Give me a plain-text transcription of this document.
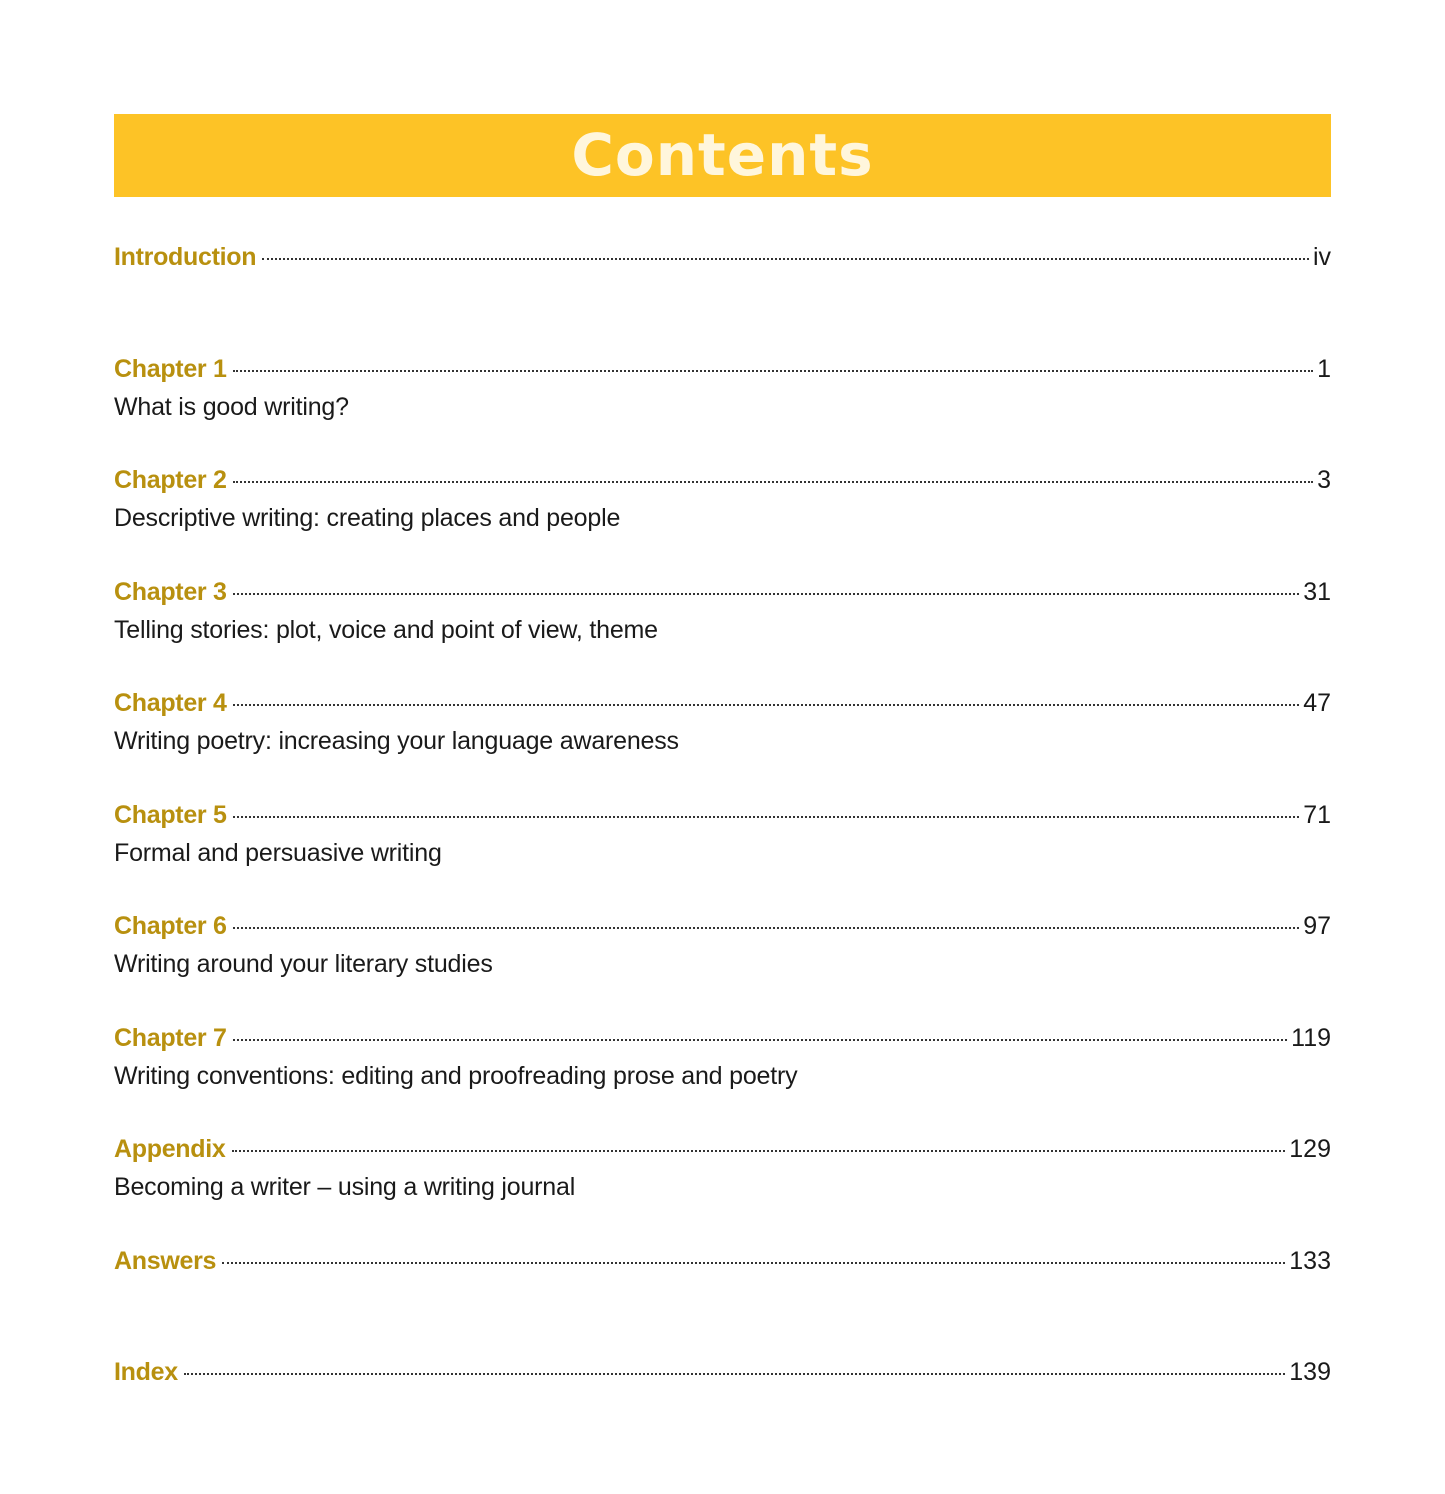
Contents
Introduction	iv
Chapter 1	1
What is good writing?
Chapter 2	3
Descriptive writing: creating places and people
Chapter 3	31
Telling stories: plot, voice and point of view, theme
Chapter 4	47
Writing poetry: increasing your language awareness
Chapter 5	71
Formal and persuasive writing
Chapter 6	97
Writing around your literary studies
Chapter 7	119
Writing conventions: editing and proofreading prose and poetry
Appendix	129
Becoming a writer – using a writing journal
Answers	133
Index	139
